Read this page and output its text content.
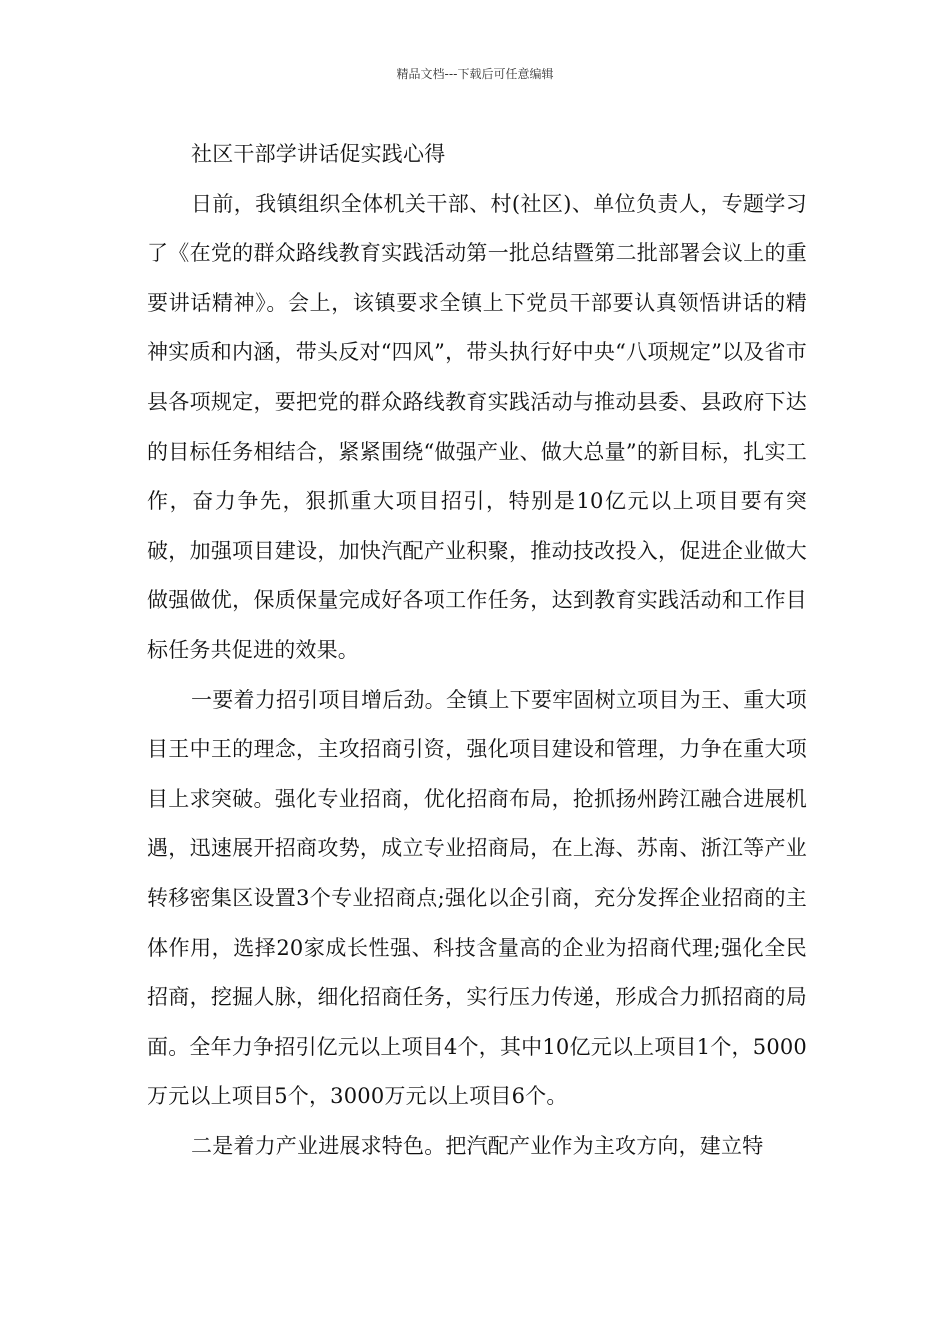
精品文档---下载后可任意编辑

社区干部学讲话促实践心得

日前，我镇组织全体机关干部、村(社区)、单位负责人，专题学习了《在党的群众路线教育实践活动第一批总结暨第二批部署会议上的重要讲话精神》。会上，该镇要求全镇上下党员干部要认真领悟讲话的精神实质和内涵，带头反对“四风”，带头执行好中央“八项规定”以及省市县各项规定，要把党的群众路线教育实践活动与推动县委、县政府下达的目标任务相结合，紧紧围绕“做强产业、做大总量”的新目标，扎实工作，奋力争先，狠抓重大项目招引，特别是10亿元以上项目要有突破，加强项目建设，加快汽配产业积聚，推动技改投入，促进企业做大做强做优，保质保量完成好各项工作任务，达到教育实践活动和工作目标任务共促进的效果。

一要着力招引项目增后劲。全镇上下要牢固树立项目为王、重大项目王中王的理念，主攻招商引资，强化项目建设和管理，力争在重大项目上求突破。强化专业招商，优化招商布局，抢抓扬州跨江融合进展机遇，迅速展开招商攻势，成立专业招商局，在上海、苏南、浙江等产业转移密集区设置3个专业招商点;强化以企引商，充分发挥企业招商的主体作用，选择20家成长性强、科技含量高的企业为招商代理;强化全民招商，挖掘人脉，细化招商任务，实行压力传递，形成合力抓招商的局面。全年力争招引亿元以上项目4个，其中10亿元以上项目1个，5000万元以上项目5个，3000万元以上项目6个。

二是着力产业进展求特色。把汽配产业作为主攻方向，建立特
